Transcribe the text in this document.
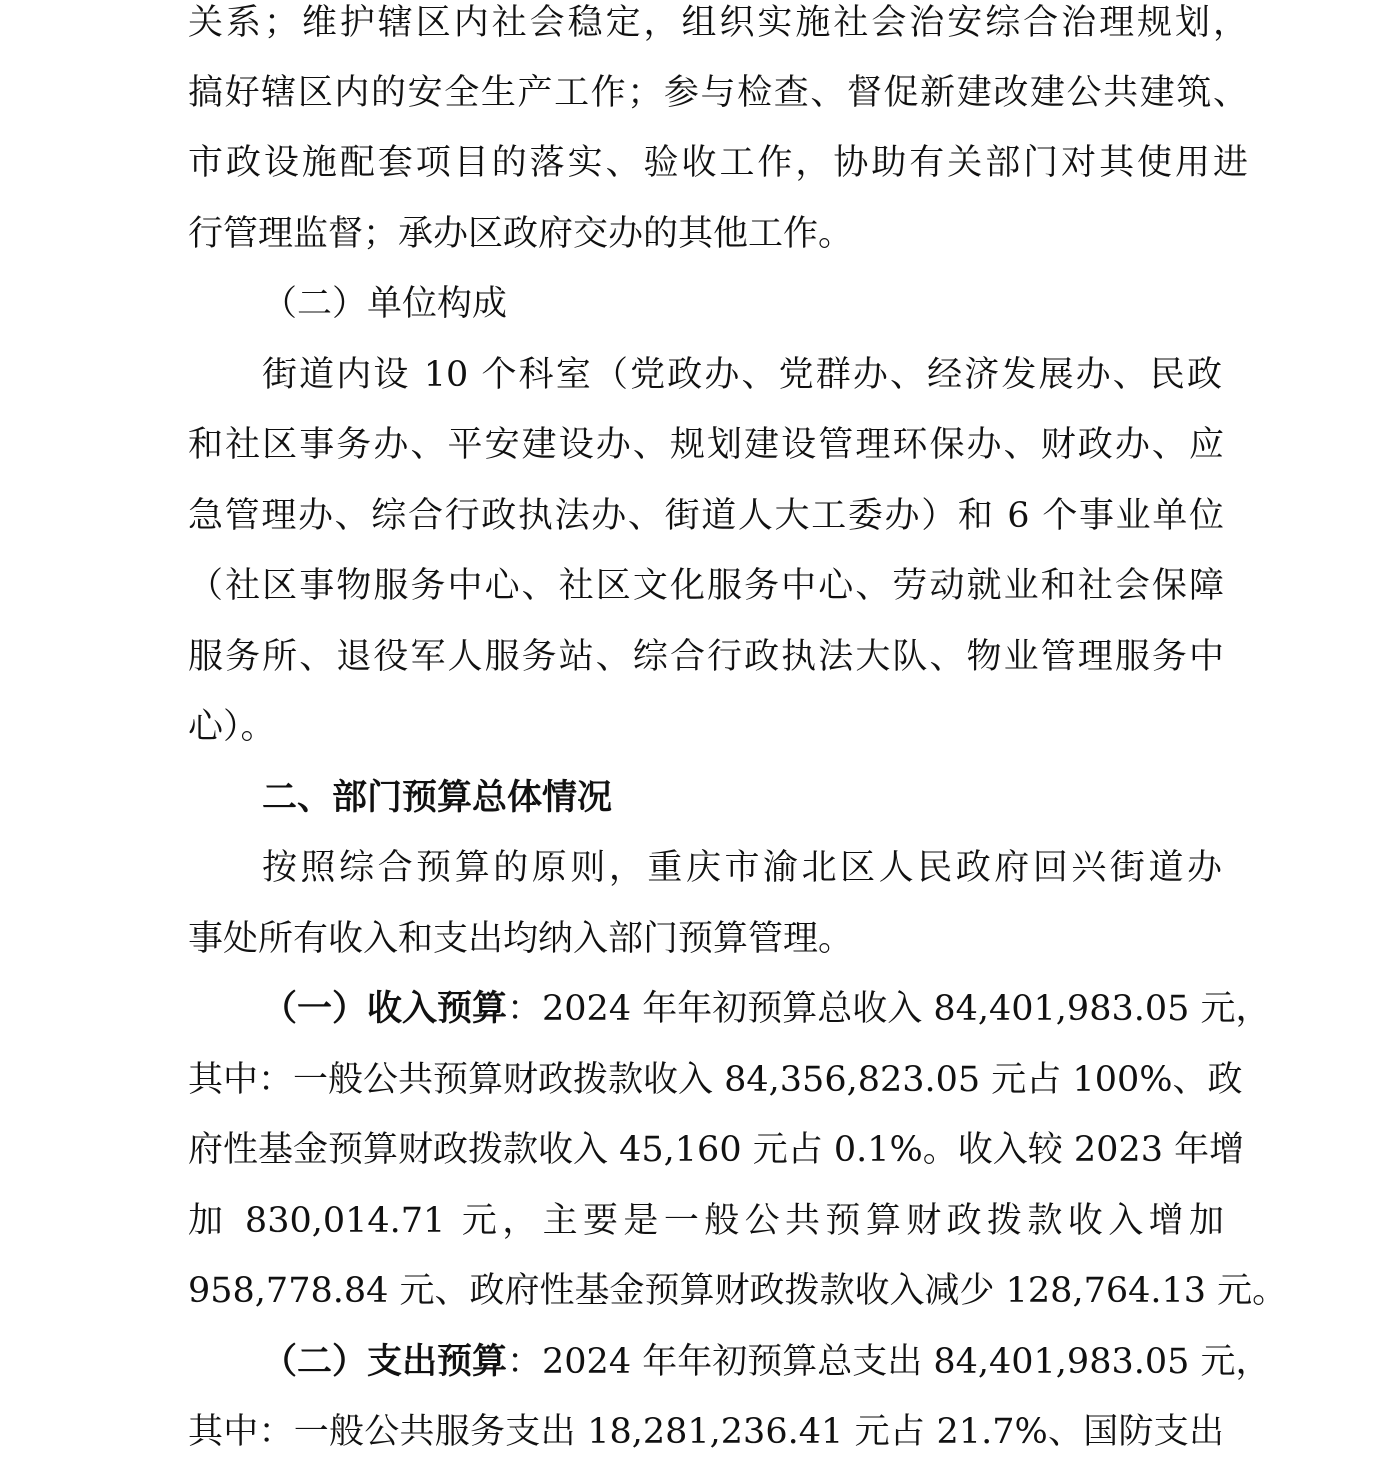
关系；维护辖区内社会稳定，组织实施社会治安综合治理规划，
搞好辖区内的安全生产工作；参与检查、督促新建改建公共建筑、
市政设施配套项目的落实、验收工作，协助有关部门对其使用进
行管理监督；承办区政府交办的其他工作。
（二）单位构成
街道内设 10 个科室（党政办、党群办、经济发展办、民政
和社区事务办、平安建设办、规划建设管理环保办、财政办、应
急管理办、综合行政执法办、街道人大工委办）和 6 个事业单位
（社区事物服务中心、社区文化服务中心、劳动就业和社会保障
服务所、退役军人服务站、综合行政执法大队、物业管理服务中
心）。
二、部门预算总体情况
按照综合预算的原则，重庆市渝北区人民政府回兴街道办
事处所有收入和支出均纳入部门预算管理。
（一）收入预算：2024 年年初预算总收入 84,401,983.05 元，
其中：一般公共预算财政拨款收入 84,356,823.05 元占 100%、政
府性基金预算财政拨款收入 45,160 元占 0.1%。收入较 2023 年增
加 830,014.71 元，主要是一般公共预算财政拨款收入增加
958,778.84 元、政府性基金预算财政拨款收入减少 128,764.13 元。
（二）支出预算：2024 年年初预算总支出 84,401,983.05 元，
其中：一般公共服务支出 18,281,236.41 元占 21.7%、国防支出
